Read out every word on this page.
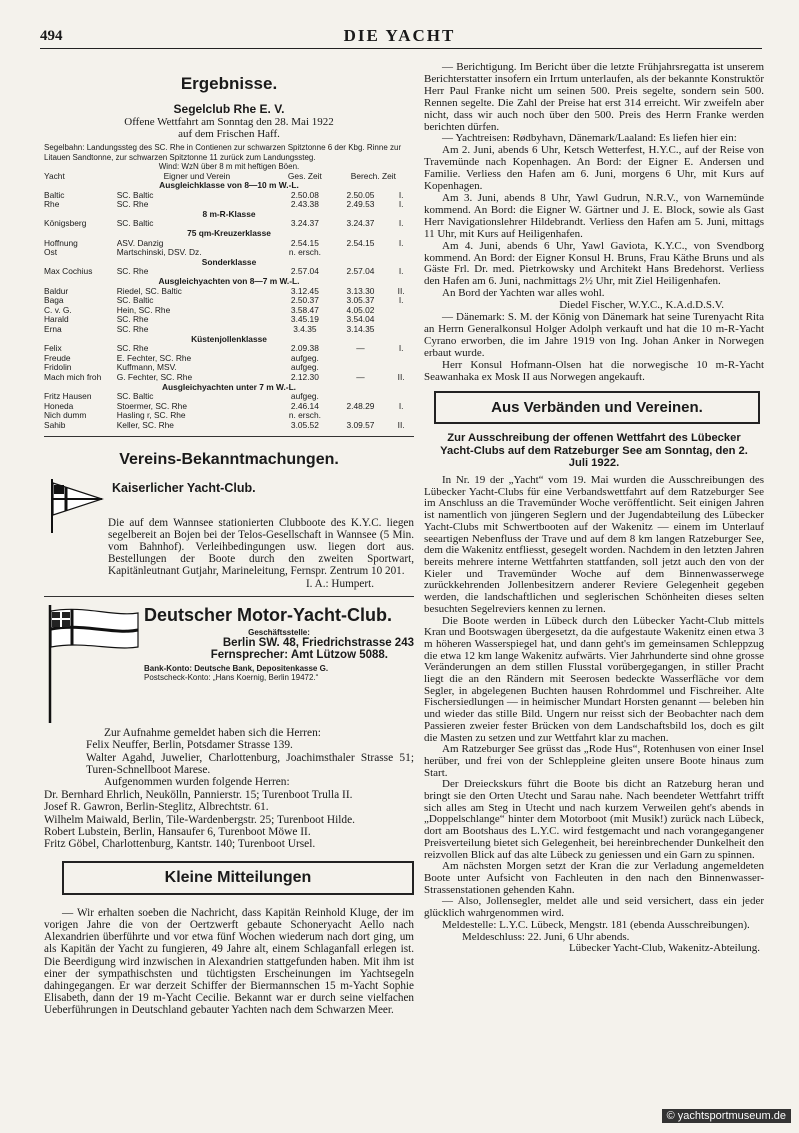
494	DIE YACHT
Ergebnisse.
Segelclub Rhe E. V.
Offene Wettfahrt am Sonntag den 28. Mai 1922
auf dem Frischen Haff.
Segelbahn: Landungssteg des SC. Rhe in Contienen zur schwarzen Spitztonne 6 der Kbg. Rinne zur Litauen Sandtonne, zur schwarzen Spitztonne 11 zurück zum Landungssteg.
Wind: WzN über 8 m mit heftigen Böen.
Yacht	Eigner und Verein	Ges. Zeit	Berech. Zeit	
Ausgleichklasse von 8—10 m W.-L.				
Baltic	SC. Baltic	2.50.08	2.50.05	I.
Rhe	SC. Rhe	2.43.38	2.49.53	I.
8 m-R-Klasse				
Königsberg	SC. Baltic	3.24.37	3.24.37	I.
75 qm-Kreuzerklasse				
Hoffnung	ASV. Danzig	2.54.15	2.54.15	I.
Ost	Martschinski, DSV. Dz.	n. ersch.		
Sonderklasse				
Max Cochius	SC. Rhe	2.57.04	2.57.04	I.
Ausgleichyachten von 8—7 m W.-L.				
Baldur	Riedel, SC. Baltic	3.12.45	3.13.30	II.
Baga	SC. Baltic	2.50.37	3.05.37	I.
C. v. G.	Hein, SC. Rhe	3.58.47	4.05.02	
Harald	SC. Rhe	3.45.19	3.54.04	
Erna	SC. Rhe	3.4.35	3.14.35	
Küstenjollenklasse				
Felix	SC. Rhe	2.09.38	—	I.
Freude	E. Fechter, SC. Rhe	aufgeg.		
Fridolin	Kuffmann, MSV.	aufgeg.		
Mach mich froh	G. Fechter, SC. Rhe	2.12.30	—	II.
Ausgleichyachten unter 7 m W.-L.				
Fritz Hausen	SC. Baltic	aufgeg.		
Honeda	Stoermer, SC. Rhe	2.46.14	2.48.29	I.
Nich dumm	Hasling r, SC. Rhe	n. ersch.		
Sahib	Keller, SC. Rhe	3.05.52	3.09.57	II.
Vereins-Bekanntmachungen.
Kaiserlicher Yacht-Club.

Die auf dem Wannsee stationierten Clubboote des K.Y.C. liegen segelbereit an Bojen bei der Telos-Gesellschaft in Wannsee (5 Min. vom Bahnhof). Verleihbedingungen usw. liegen dort aus. Bestellungen der Boote durch den zweiten Sportwart, Kapitänleutnant Gutjahr, Marineleitung, Fernspr. Zentrum 10 201.

I. A.: Humpert.
Deutscher Motor-Yacht-Club.
Geschäftsstelle:
Berlin SW. 48, Friedrichstrasse 243
Fernsprecher: Amt Lützow 5088.
Bank-Konto: Deutsche Bank, Depositenkasse G.
Postscheck-Konto: „Hans Koernig, Berlin 19472.“

Zur Aufnahme gemeldet haben sich die Herren:

Felix Neuffer, Berlin, Potsdamer Strasse 139.
Walter Agahd, Juwelier, Charlottenburg, Joachimsthaler Strasse 51; Turen-Schnellboot Marese.

Aufgenommen wurden folgende Herren:

Dr. Bernhard Ehrlich, Neukölln, Pannierstr. 15; Turenboot Trulla II.
Josef R. Gawron, Berlin-Steglitz, Albrechtstr. 61.
Wilhelm Maiwald, Berlin, Tile-Wardenbergstr. 25; Turenboot Hilde.
Robert Lubstein, Berlin, Hansaufer 6, Turenboot Möwe II.
Fritz Göbel, Charlottenburg, Kantstr. 140; Turenboot Ursel.
Kleine Mitteilungen

— Wir erhalten soeben die Nachricht, dass Kapitän Reinhold Kluge, der im vorigen Jahre die von der Oertzwerft gebaute Schoneryacht Aello nach Alexandrien überführte und vor etwa fünf Wochen wiederum nach dort ging, um als Kapitän der Yacht zu fungieren, 49 Jahre alt, einem Schlaganfall erlegen ist. Die Beerdigung wird inzwischen in Alexandrien stattgefunden haben. Mit ihm ist einer der sympathischsten und tüchtigsten Erscheinungen im Yachtsegeln dahingegangen. Er war derzeit Schiffer der Biermannschen 15 m-Yacht Sophie Elisabeth, dann der 19 m-Yacht Cecilie. Bekannt war er durch seine vielfachen Ueberführungen in Deutschland gebauter Yachten nach dem Schwarzen Meer.

— Berichtigung. Im Bericht über die letzte Frühjahrsregatta ist unserem Berichterstatter insofern ein Irrtum unterlaufen, als der bekannte Konstruktör Herr Paul Franke nicht um seinen 500. Preis segelte, sondern sein 500. Rennen segelte. Die Zahl der Preise hat erst 314 erreicht. Wir zweifeln aber nicht, dass wir auch noch über den 500. Preis des Herrn Franke werden berichten dürfen.

— Yachtreisen: Rødbyhavn, Dänemark/Laaland: Es liefen hier ein:

Am 2. Juni, abends 6 Uhr, Ketsch Wetterfest, H.Y.C., auf der Reise von Travemünde nach Kopenhagen. An Bord: der Eigner E. Andersen und Familie. Verliess den Hafen am 6. Juni, morgens 6 Uhr, mit Kurs auf Kopenhagen.

Am 3. Juni, abends 8 Uhr, Yawl Gudrun, N.R.V., von Warnemünde kommend. An Bord: die Eigner W. Gärtner und J. E. Block, sowie als Gast Herr Navigationslehrer Hildebrandt. Verliess den Hafen am 5. Juni, mittags 11 Uhr, mit Kurs auf Heiligenhafen.

Am 4. Juni, abends 6 Uhr, Yawl Gaviota, K.Y.C., von Svendborg kommend. An Bord: der Eigner Konsul H. Bruns, Frau Käthe Bruns und als Gäste Frl. Dr. med. Pietrkowsky und Architekt Hans Bredehorst. Verliess den Hafen am 6. Juni, nachmittags 2½ Uhr, mit Ziel Heiligenhafen.

An Bord der Yachten war alles wohl.

Diedel Fischer, W.Y.C., K.A.d.D.S.V.

— Dänemark: S. M. der König von Dänemark hat seine Turenyacht Rita an Herrn Generalkonsul Holger Adolph verkauft und hat die 10 m-R-Yacht Cyrano erworben, die im Jahre 1919 von Ing. Johan Anker in Norwegen erbaut wurde.

Herr Konsul Hofmann-Olsen hat die norwegische 10 m-R-Yacht Seawanhaka ex Mosk II aus Norwegen angekauft.

Aus Verbänden und Vereinen.
Zur Ausschreibung der offenen Wettfahrt des Lübecker Yacht-Clubs auf dem Ratzeburger See am Sonntag, den 2. Juli 1922.

In Nr. 19 der „Yacht“ vom 19. Mai wurden die Ausschreibungen des Lübecker Yacht-Clubs für eine Verbandswettfahrt auf dem Ratzeburger See im Anschluss an die Travemünder Woche veröffentlicht. Seit einigen Jahren ist namentlich von jüngeren Seglern und der Jugendabteilung des Lübecker Yacht-Clubs mit Schwertbooten auf der Wakenitz — einem im Unterlauf seeartigen Nebenfluss der Trave und auf dem 8 km langen Ratzeburger See, dem die Wakenitz entfliesst, gesegelt worden. Nachdem in den letzten Jahren bereits mehrere interne Wettfahrten stattfanden, soll jetzt auch den von der Kieler und Travemünder Woche auf dem Binnenwasserwege zurückkehrenden Jollenbesitzern anderer Reviere Gelegenheit gegeben werden, die landschaftlichen und seglerischen Schönheiten dieses selten besuchten Segelreviers kennen zu lernen.

Die Boote werden in Lübeck durch den Lübecker Yacht-Club mittels Kran und Bootswagen übergesetzt, da die aufgestaute Wakenitz einen etwa 3 m höheren Wasserspiegel hat, und dann geht's im gemeinsamen Schleppzug die etwa 12 km lange Wakenitz aufwärts. Vier Jahrhunderte sind ohne grosse Veränderungen an dem stillen Flusstal vorübergegangen, in stiller Pracht liegt die an den Rändern mit Seerosen bedeckte Wasserfläche vor dem Segler, in abgelegenen Buchten hausen Rohrdommel und Fischreiher. Alte Fischersiedlungen — in heimischer Mundart Horsten genannt — beleben hin und wieder das stille Bild. Ungern nur reisst sich der Beobachter nach dem Passieren zweier fester Brücken von dem Landschaftsbild los, doch es gilt die Masten zu setzen und zur Wettfahrt klar zu machen.

Am Ratzeburger See grüsst das „Rode Hus“, Rotenhusen von einer Insel herüber, und frei von der Schleppleine gleiten unsere Boote hinaus zum Start.

Der Dreieckskurs führt die Boote bis dicht an Ratzeburg heran und bringt sie den Orten Utecht und Sarau nahe. Nach beendeter Wettfahrt trifft sich alles am Steg in Utecht und nach kurzem Verweilen geht's abends in „Doppelschlange“ hinter dem Motorboot (mit Musik!) zurück nach Lübeck, dort am Bootshaus des L.Y.C. wird festgemacht und nach vorangegangener Preisverteilung bietet sich Gelegenheit, bei hereinbrechender Dunkelheit den reizvollen Blick auf das alte Lübeck zu geniessen und ein Garn zu spinnen.

Am nächsten Morgen setzt der Kran die zur Verladung angemeldeten Boote unter Aufsicht von Fachleuten in den nach den Binnenwasser-Strassenstationen gehenden Kahn.

— Also, Jollensegler, meldet alle und seid versichert, dass ein jeder glücklich wahrgenommen wird.

Meldestelle: L.Y.C. Lübeck, Mengstr. 181 (ebenda Ausschreibungen).

Meldeschluss: 22. Juni, 6 Uhr abends.

Lübecker Yacht-Club, Wakenitz-Abteilung.
© yachtsportmuseum.de
